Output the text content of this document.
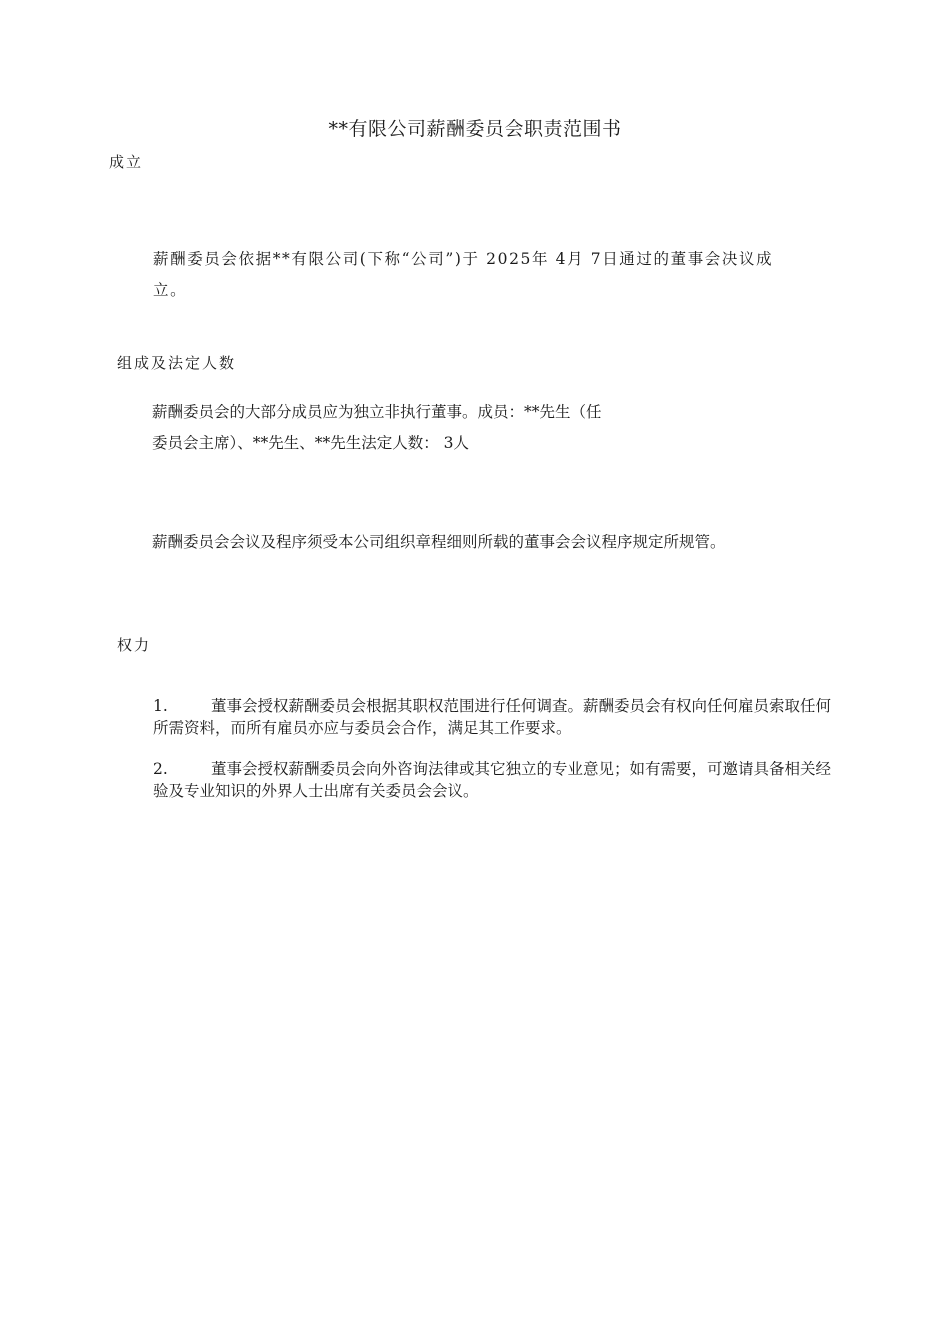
**有限公司薪酬委员会职责范围书
成立
薪酬委员会依据**有限公司(下称“公司”)于 2025年 4月 7日通过的董事会决议成
立。
组成及法定人数
薪酬委员会的大部分成员应为独立非执行董事。成员：**先生（任
委员会主席）、**先生、**先生法定人数： 3人
薪酬委员会会议及程序须受本公司组织章程细则所载的董事会会议程序规定所规管。
权力
1.	董事会授权薪酬委员会根据其职权范围进行任何调查。薪酬委员会有权向任何雇员索取任何所需资料，而所有雇员亦应与委员会合作，满足其工作要求。
2.	董事会授权薪酬委员会向外咨询法律或其它独立的专业意见；如有需要，可邀请具备相关经验及专业知识的外界人士出席有关委员会会议。
